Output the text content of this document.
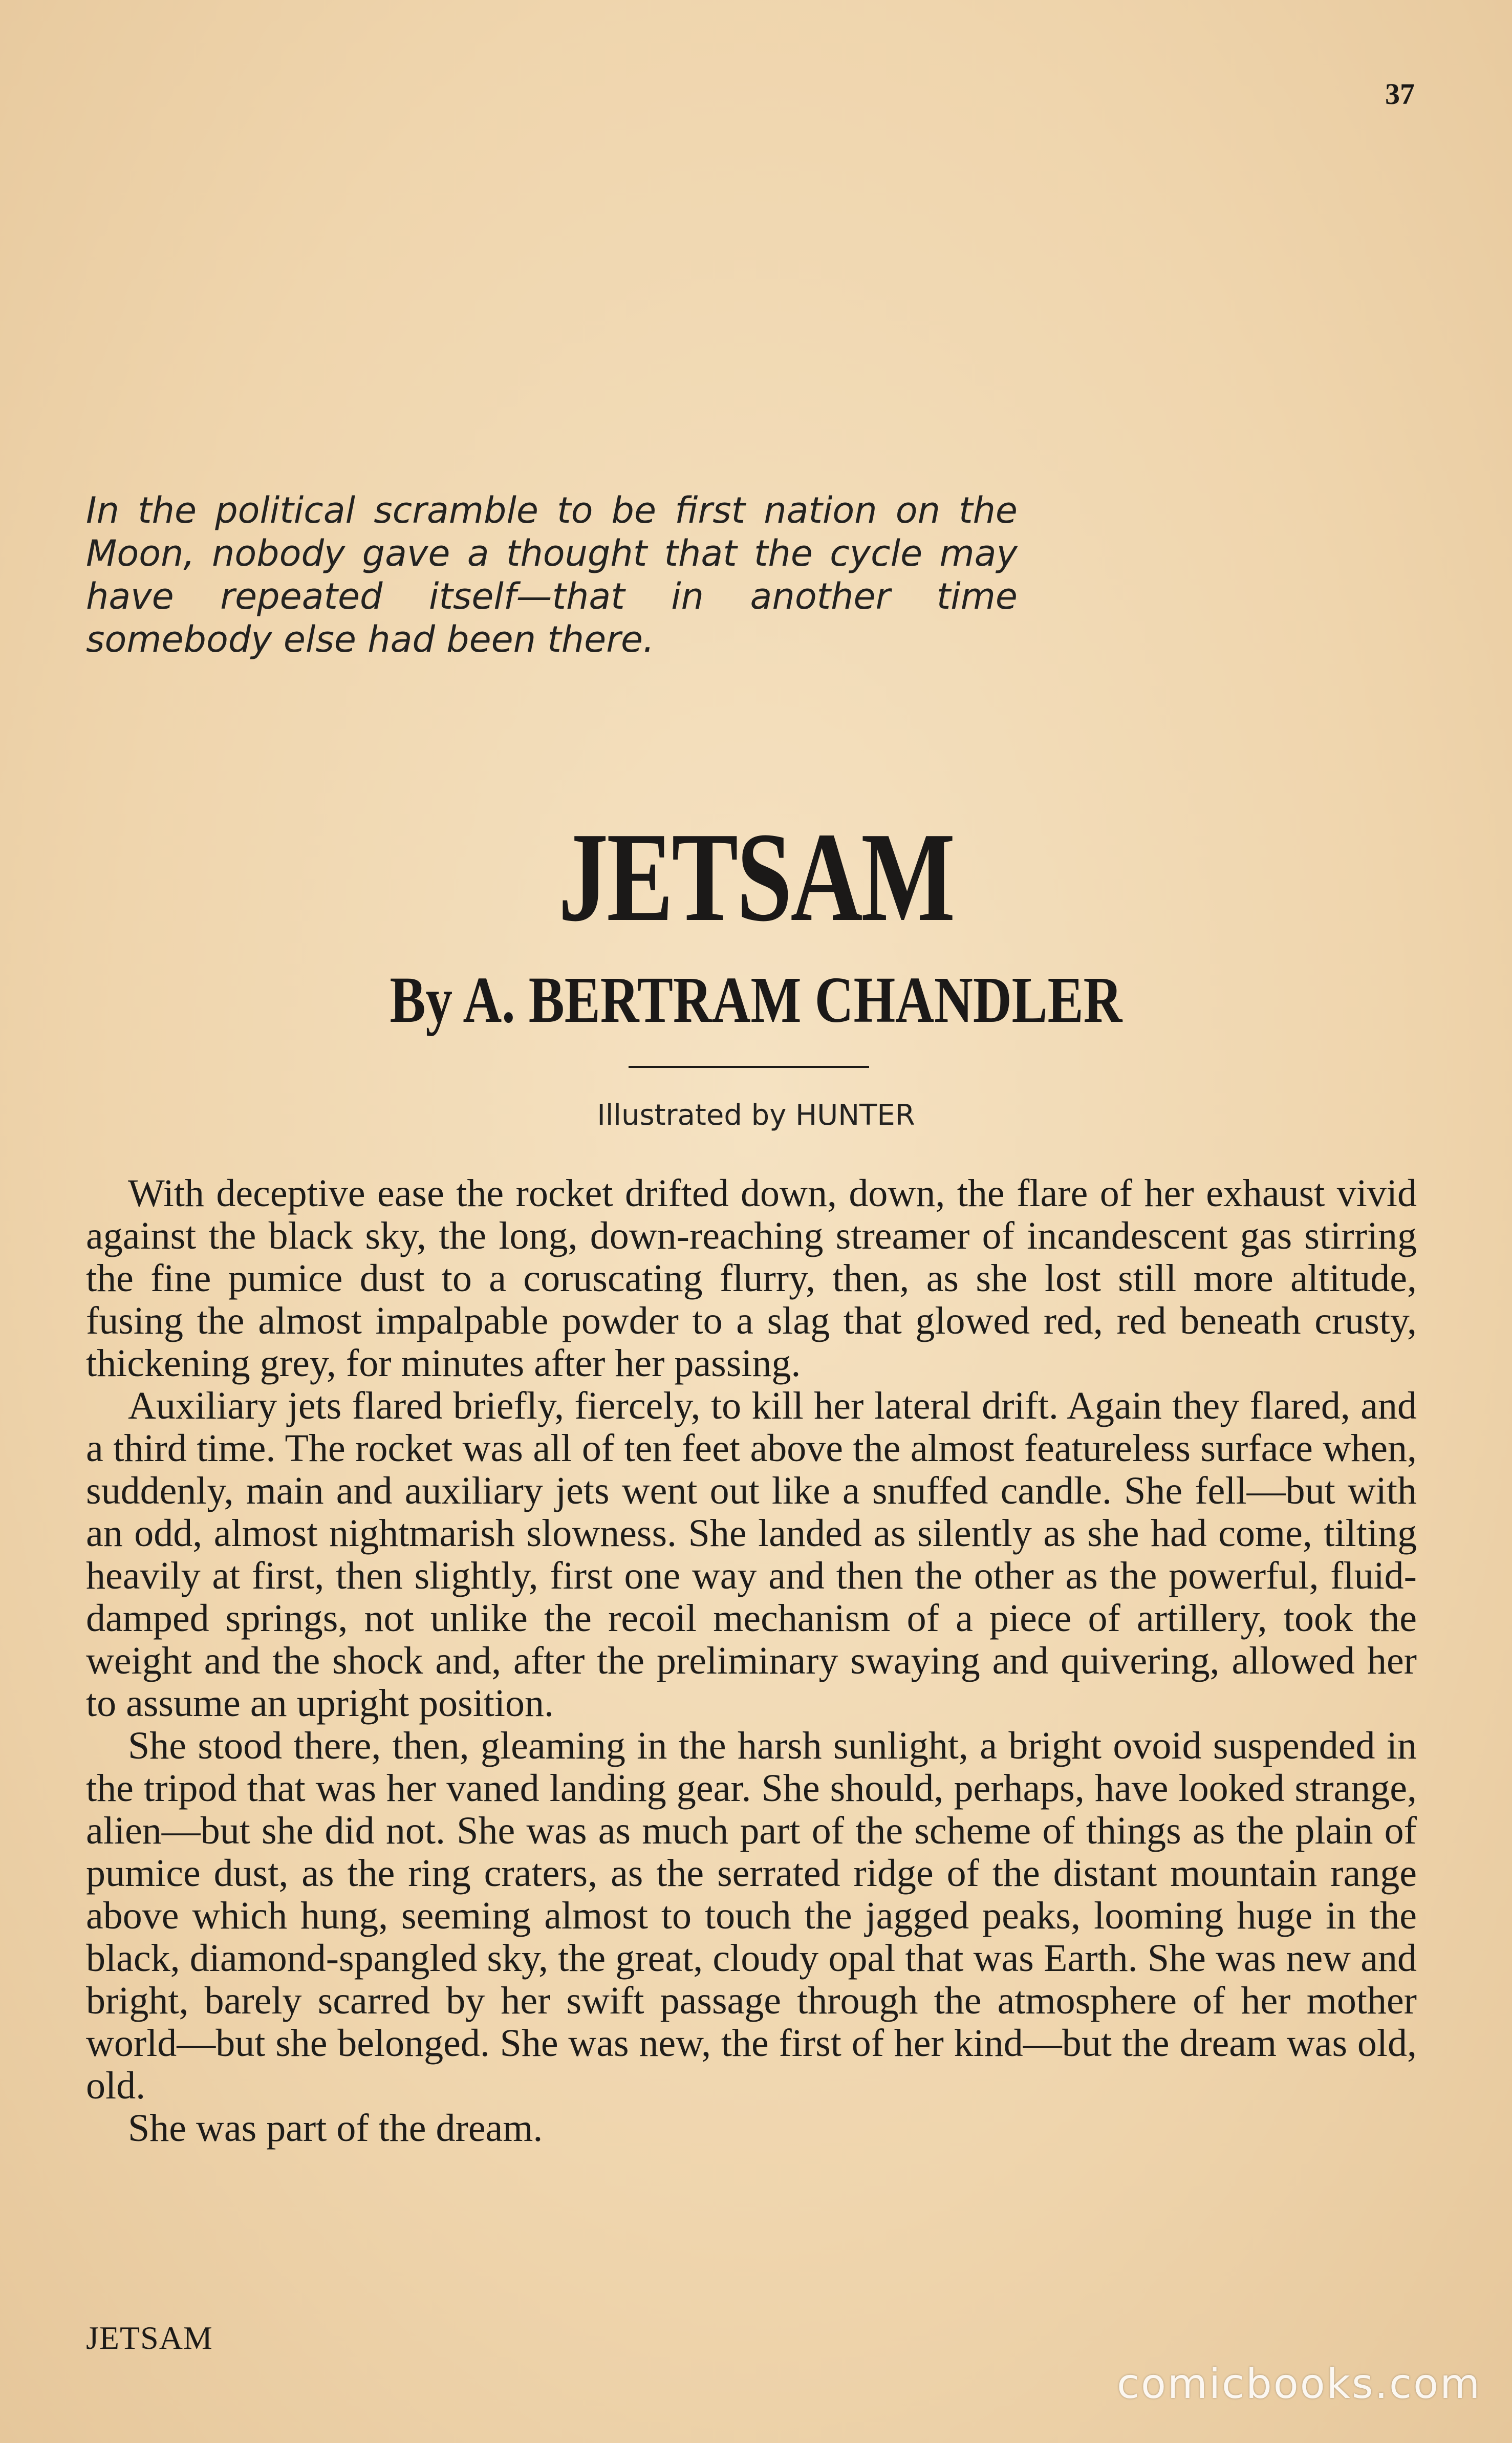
37
In the political scramble to be first nation on the Moon, nobody gave a thought that the cycle may have repeated itself—that in another time somebody else had been there.
JETSAM
By A. BERTRAM CHANDLER
Illustrated by HUNTER

With deceptive ease the rocket drifted down, down, the flare of her exhaust vivid against the black sky, the long, down-reaching streamer of incandescent gas stirring the fine pumice dust to a coruscating flurry, then, as she lost still more altitude, fusing the almost impalpable powder to a slag that glowed red, red beneath crusty, thickening grey, for minutes after her passing.

Auxiliary jets flared briefly, fiercely, to kill her lateral drift. Again they flared, and a third time. The rocket was all of ten feet above the almost featureless surface when, suddenly, main and auxiliary jets went out like a snuffed candle. She fell—but with an odd, almost nightmarish slowness. She landed as silently as she had come, tilting heavily at first, then slightly, first one way and then the other as the powerful, fluid-damped springs, not unlike the recoil mechanism of a piece of artillery, took the weight and the shock and, after the preliminary swaying and quivering, allowed her to assume an upright position.

She stood there, then, gleaming in the harsh sunlight, a bright ovoid suspended in the tripod that was her vaned landing gear. She should, perhaps, have looked strange, alien—but she did not. She was as much part of the scheme of things as the plain of pumice dust, as the ring craters, as the serrated ridge of the distant mountain range above which hung, seeming almost to touch the jagged peaks, looming huge in the black, diamond-spangled sky, the great, cloudy opal that was Earth. She was new and bright, barely scarred by her swift passage through the atmosphere of her mother world—but she belonged. She was new, the first of her kind—but the dream was old, old.

She was part of the dream.

JETSAM
comicbooks.com
